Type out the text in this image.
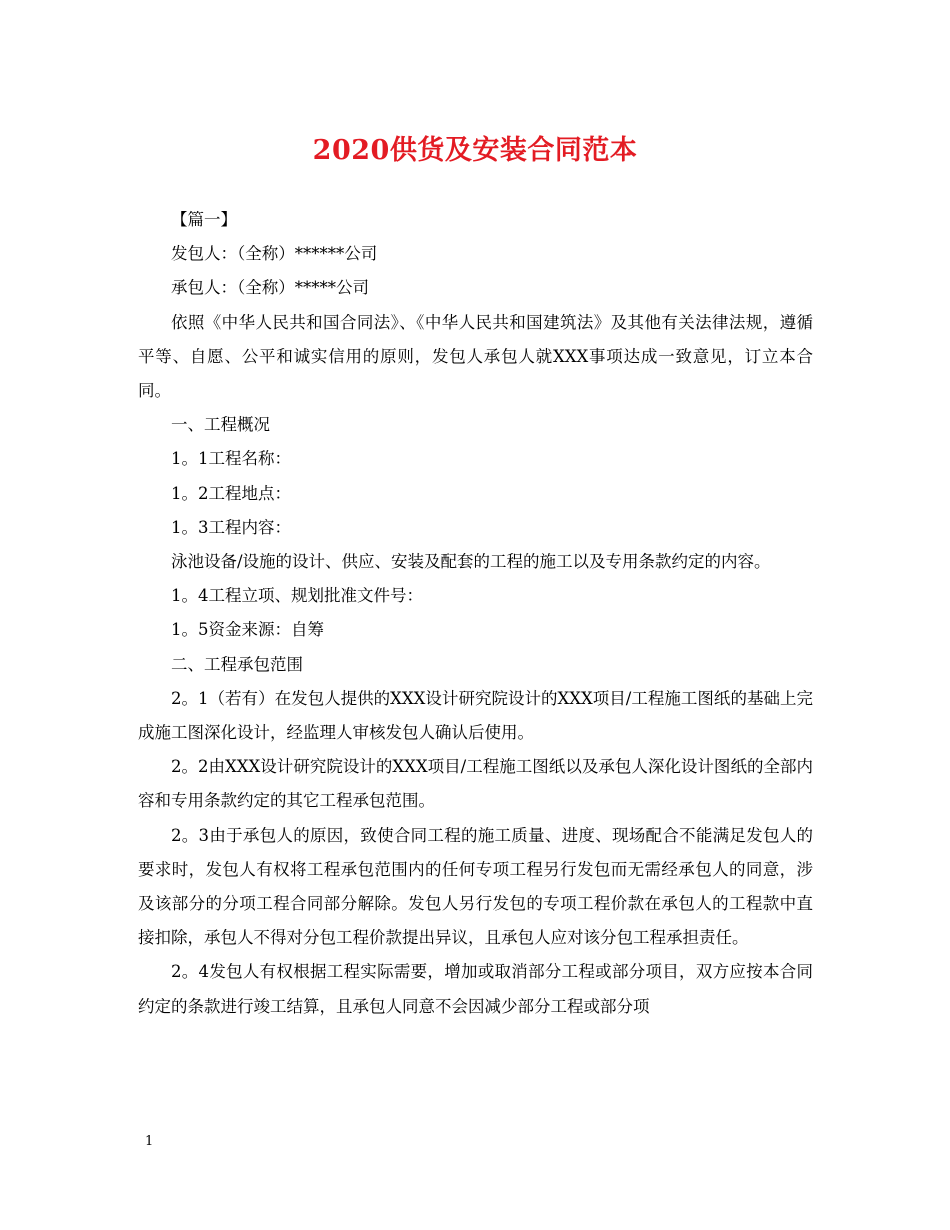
2020供货及安装合同范本

【篇一】

发包人：（全称）******公司

承包人：（全称）*****公司

依照《中华人民共和国合同法》、《中华人民共和国建筑法》及其他有关法律法规，遵循平等、自愿、公平和诚实信用的原则，发包人承包人就XXX事项达成一致意见，订立本合同。

一、工程概况

1。1工程名称：

1。2工程地点：

1。3工程内容：

泳池设备/设施的设计、供应、安装及配套的工程的施工以及专用条款约定的内容。

1。4工程立项、规划批准文件号：

1。5资金来源：自筹

二、工程承包范围

2。1（若有）在发包人提供的XXX设计研究院设计的XXX项目/工程施工图纸的基础上完成施工图深化设计，经监理人审核发包人确认后使用。

2。2由XXX设计研究院设计的XXX项目/工程施工图纸以及承包人深化设计图纸的全部内容和专用条款约定的其它工程承包范围。

2。3由于承包人的原因，致使合同工程的施工质量、进度、现场配合不能满足发包人的要求时，发包人有权将工程承包范围内的任何专项工程另行发包而无需经承包人的同意，涉及该部分的分项工程合同部分解除。发包人另行发包的专项工程价款在承包人的工程款中直接扣除，承包人不得对分包工程价款提出异议，且承包人应对该分包工程承担责任。

2。4发包人有权根据工程实际需要，增加或取消部分工程或部分项目，双方应按本合同约定的条款进行竣工结算，且承包人同意不会因减少部分工程或部分项

1
